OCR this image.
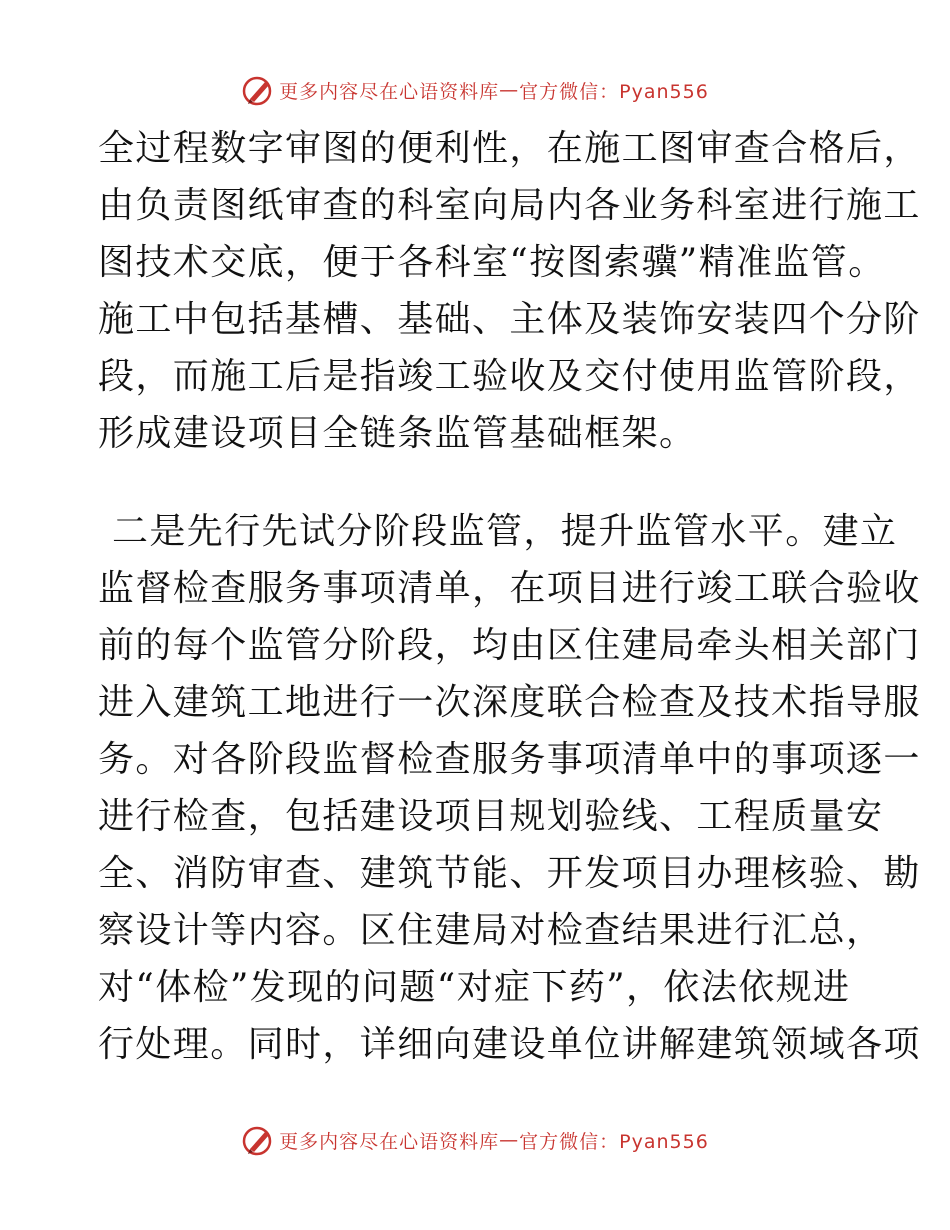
更多内容尽在心语资料库 — 官方微信：Pyan556
全过程数字审图的便利性，在施工图审查合格后，
由负责图纸审查的科室向局内各业务科室进行施工
图技术交底，便于各科室“按图索骥”精准监管。
施工中包括基槽、基础、主体及装饰安装四个分阶
段，而施工后是指竣工验收及交付使用监管阶段，
形成建设项目全链条监管基础框架。
二是先行先试分阶段监管，提升监管水平。建立
监督检查服务事项清单，在项目进行竣工联合验收
前的每个监管分阶段，均由区住建局牵头相关部门
进入建筑工地进行一次深度联合检查及技术指导服
务。对各阶段监督检查服务事项清单中的事项逐一
进行检查，包括建设项目规划验线、工程质量安
全、消防审查、建筑节能、开发项目办理核验、勘
察设计等内容。区住建局对检查结果进行汇总，
对“体检”发现的问题“对症下药”，依法依规进
行处理。同时，详细向建设单位讲解建筑领域各项
更多内容尽在心语资料库 — 官方微信：Pyan556
